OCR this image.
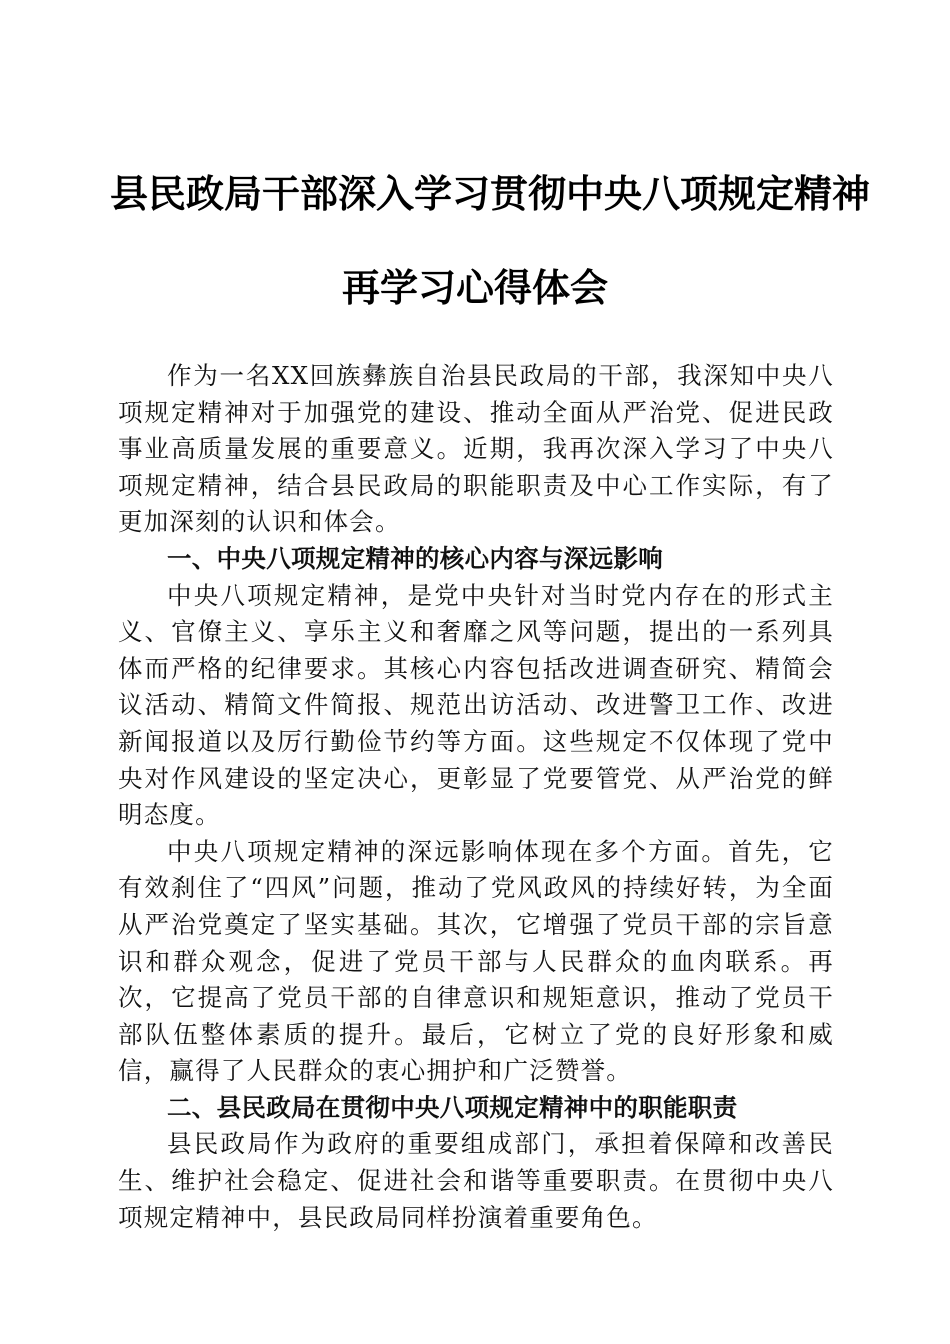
县民政局干部深入学习贯彻中央八项规定精神
再学习心得体会

作为一名XX回族彝族自治县民政局的干部，我深知中央八项规定精神对于加强党的建设、推动全面从严治党、促进民政事业高质量发展的重要意义。近期，我再次深入学习了中央八项规定精神，结合县民政局的职能职责及中心工作实际，有了更加深刻的认识和体会。

一、中央八项规定精神的核心内容与深远影响

中央八项规定精神，是党中央针对当时党内存在的形式主义、官僚主义、享乐主义和奢靡之风等问题，提出的一系列具体而严格的纪律要求。其核心内容包括改进调查研究、精简会议活动、精简文件简报、规范出访活动、改进警卫工作、改进新闻报道以及厉行勤俭节约等方面。这些规定不仅体现了党中央对作风建设的坚定决心，更彰显了党要管党、从严治党的鲜明态度。

中央八项规定精神的深远影响体现在多个方面。首先，它有效刹住了“四风”问题，推动了党风政风的持续好转，为全面从严治党奠定了坚实基础。其次，它增强了党员干部的宗旨意识和群众观念，促进了党员干部与人民群众的血肉联系。再次，它提高了党员干部的自律意识和规矩意识，推动了党员干部队伍整体素质的提升。最后，它树立了党的良好形象和威信，赢得了人民群众的衷心拥护和广泛赞誉。

二、县民政局在贯彻中央八项规定精神中的职能职责

县民政局作为政府的重要组成部门，承担着保障和改善民生、维护社会稳定、促进社会和谐等重要职责。在贯彻中央八项规定精神中，县民政局同样扮演着重要角色。
